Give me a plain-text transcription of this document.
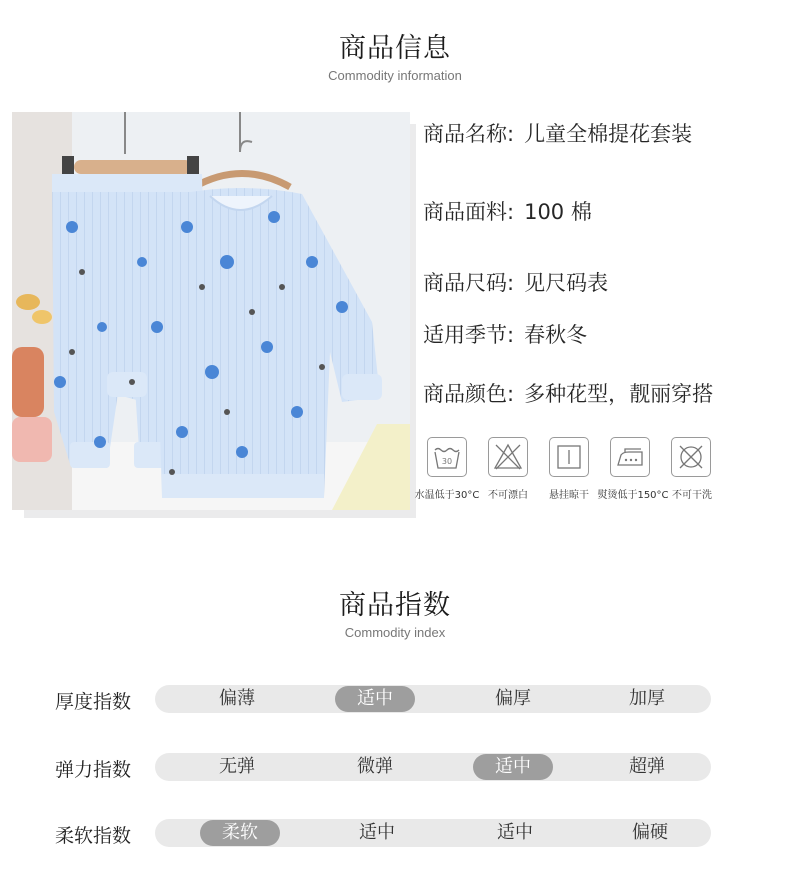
商品信息
Commodity information
商品名称: 儿童全棉提花套装
商品面料: 100 棉
商品尺码: 见尺码表
适用季节: 春秋冬
商品颜色: 多种花型，靓丽穿搭
30
水温低于30°C 不可漂白	悬挂晾干 熨烫低于150°C 不可干洗
商品指数
Commodity index
厚度指数	偏薄	适中	偏厚	加厚
弹力指数	无弹	微弹	适中	超弹
柔软指数	柔软	适中	适中	偏硬
